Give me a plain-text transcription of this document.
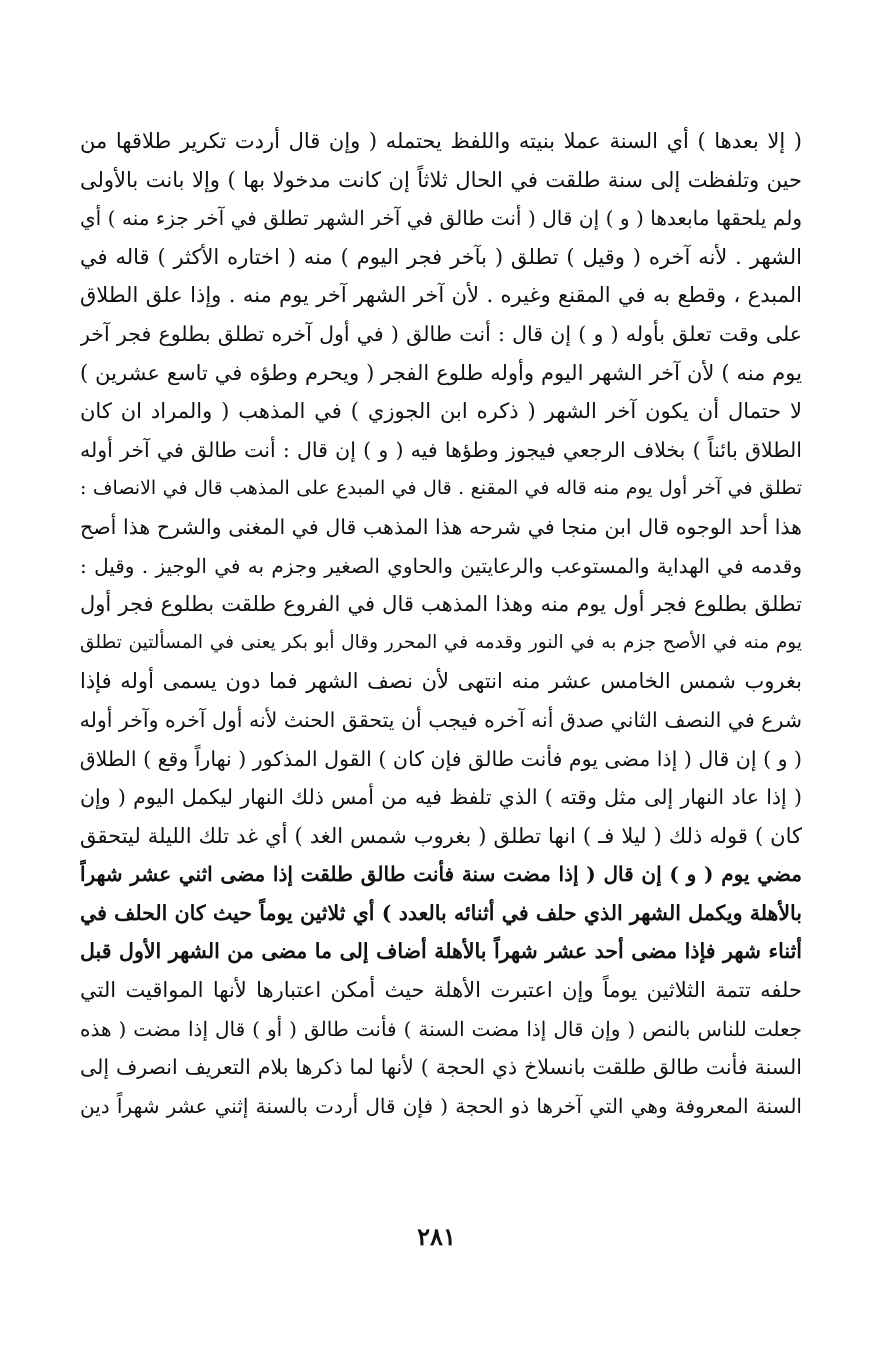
( إلا بعدها ) أي السنة عملا بنيته واللفظ يحتمله ( وإن قال أردت تكرير طلاقها من
حين وتلفظت إلى سنة طلقت في الحال ثلاثاً إن كانت مدخولا بها ) وإلا بانت بالأولى
ولم يلحقها مابعدها ( و ) إن قال ( أنت طالق في آخر الشهر تطلق في آخر جزء منه ) أي
الشهر . لأنه آخره ( وقيل ) تطلق ( بآخر فجر اليوم ) منه ( اختاره الأكثر ) قاله في
المبدع ، وقطع به في المقنع وغيره . لأن آخر الشهر آخر يوم منه . وإذا علق الطلاق
على وقت تعلق بأوله ( و ) إن قال : أنت طالق ( في أول آخره تطلق بطلوع فجر آخر
يوم منه ) لأن آخر الشهر اليوم وأوله طلوع الفجر ( ويحرم وطؤه في تاسع عشرين )
لا حتمال أن يكون آخر الشهر ( ذكره ابن الجوزي ) في المذهب ( والمراد ان كان
الطلاق بائناً ) بخلاف الرجعي فيجوز وطؤها فيه ( و ) إن قال : أنت طالق في آخر أوله
تطلق في آخر أول يوم منه قاله في المقنع . قال في المبدع على المذهب قال في الانصاف :
هذا أحد الوجوه قال ابن منجا في شرحه هذا المذهب قال في المغنى والشرح هذا أصح
وقدمه في الهداية والمستوعب والرعايتين والحاوي الصغير وجزم به في الوجيز . وقيل :
تطلق بطلوع فجر أول يوم منه وهذا المذهب قال في الفروع طلقت بطلوع فجر أول
يوم منه في الأصح جزم به في النور وقدمه في المحرر وقال أبو بكر يعنى في المسألتين تطلق
بغروب شمس الخامس عشر منه انتهى لأن نصف الشهر فما دون يسمى أوله فإذا
شرع في النصف الثاني صدق أنه آخره فيجب أن يتحقق الحنث لأنه أول آخره وآخر أوله
( و ) إن قال ( إذا مضى يوم فأنت طالق فإن كان ) القول المذكور ( نهاراً وقع ) الطلاق
( إذا عاد النهار إلى مثل وقته ) الذي تلفظ فيه من أمس ذلك النهار ليكمل اليوم ( وإن
كان ) قوله ذلك ( ليلا فـ ) انها تطلق ( بغروب شمس الغد ) أي غد تلك الليلة ليتحقق
مضي يوم ( و ) إن قال ( إذا مضت سنة فأنت طالق طلقت إذا مضى اثني عشر شهراً
بالأهلة ويكمل الشهر الذي حلف في أثنائه بالعدد ) أي ثلاثين يوماً حيث كان الحلف في
أثناء شهر فإذا مضى أحد عشر شهراً بالأهلة أضاف إلى ما مضى من الشهر الأول قبل
حلفه تتمة الثلاثين يوماً وإن اعتبرت الأهلة حيث أمكن اعتبارها لأنها المواقيت التي
جعلت للناس بالنص ( وإن قال إذا مضت السنة ) فأنت طالق ( أو ) قال إذا مضت ( هذه
السنة فأنت طالق طلقت بانسلاخ ذي الحجة ) لأنها لما ذكرها بلام التعريف انصرف إلى
السنة المعروفة وهي التي آخرها ذو الحجة ( فإن قال أردت بالسنة إثني عشر شهراً دين
٢٨١
